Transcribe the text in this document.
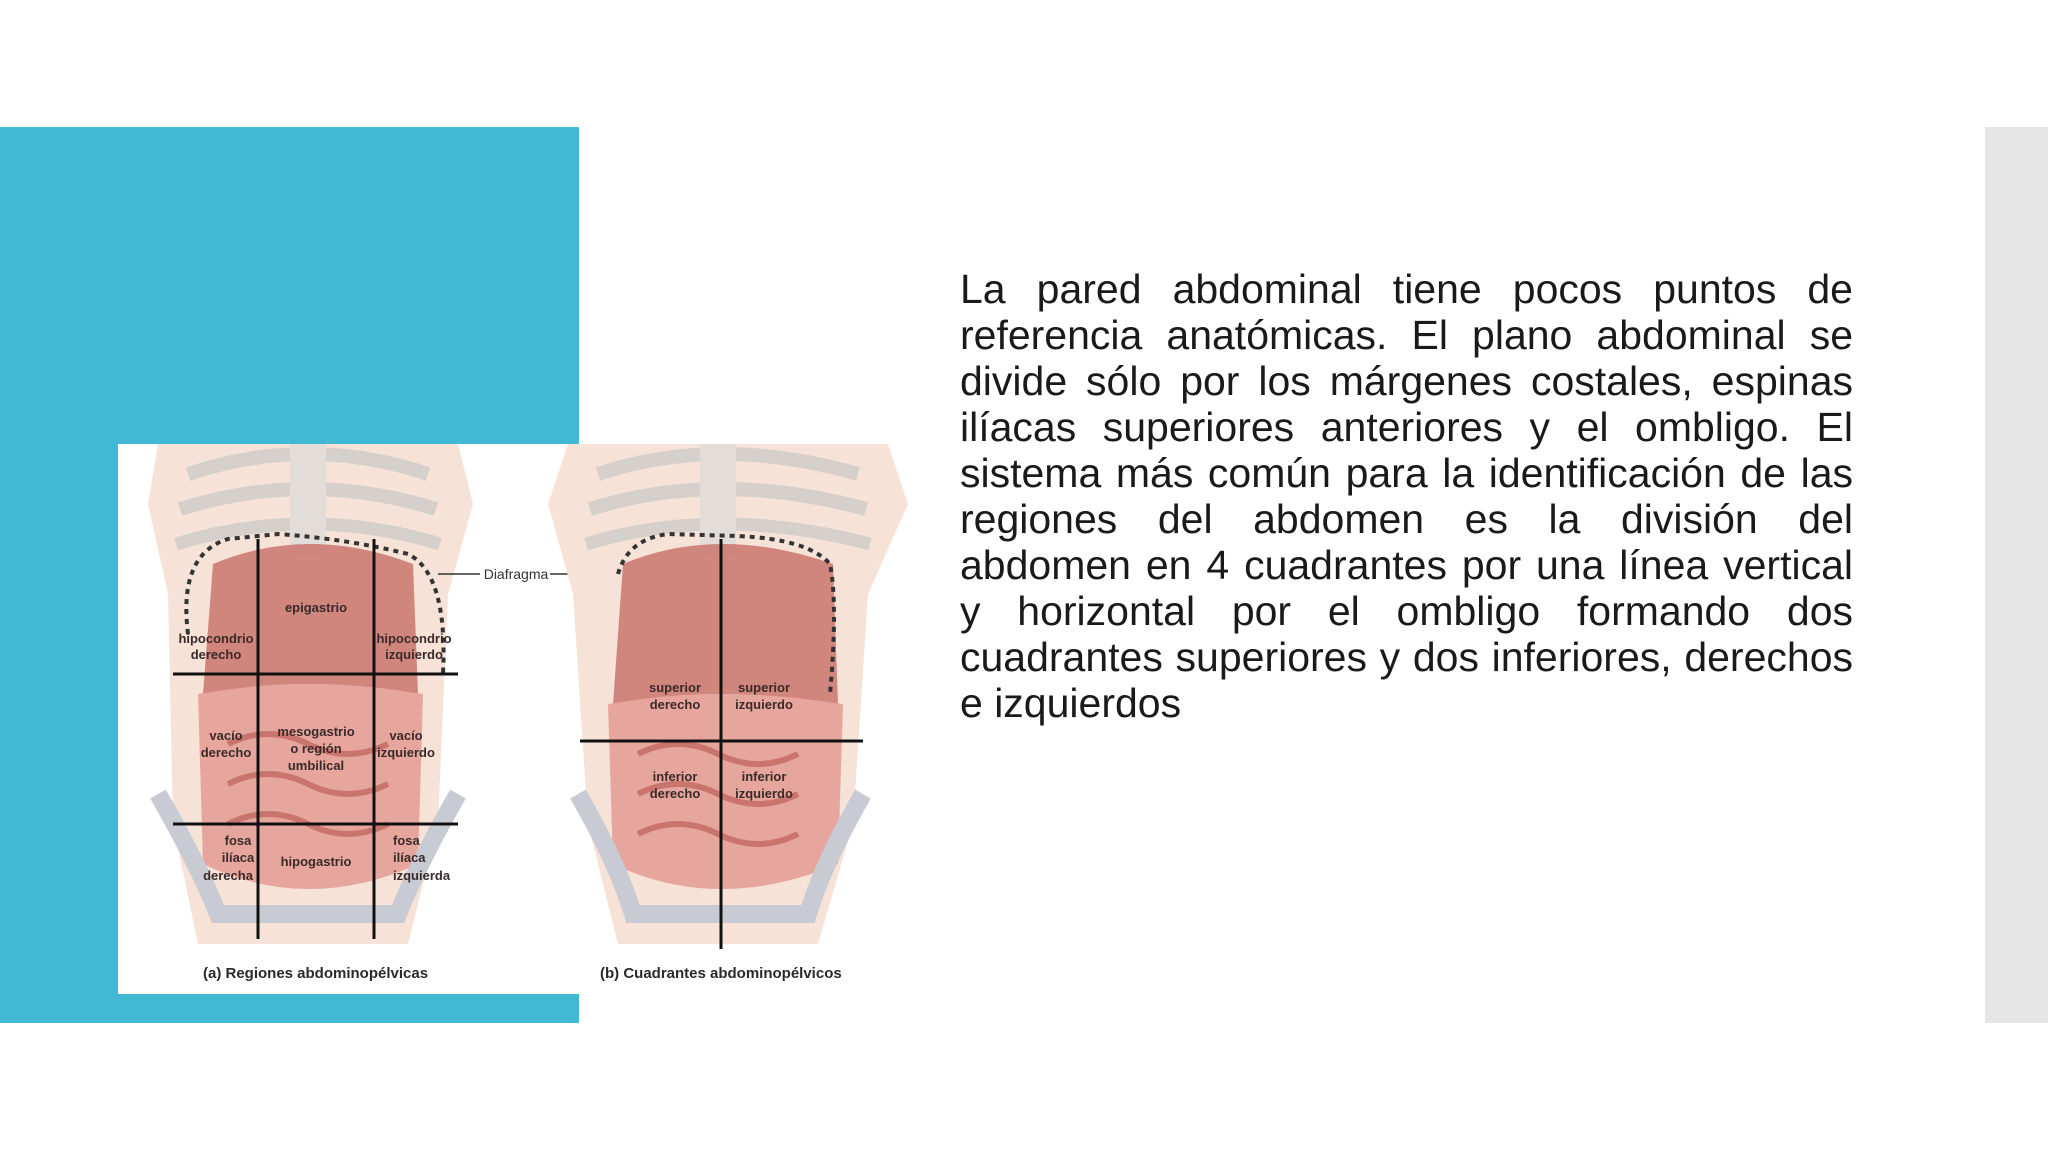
epigastrio
hipocondrio
derecho
hipocondrio
izquierdo
vacío
derecho
mesogastrio
o región
umbilical
vacío
izquierdo
fosa
ilíaca
derecha
hipogastrio
fosa
ilíaca
izquierda
Diafragma
superior
derecho
superior
izquierdo
inferior
derecho
inferior
izquierdo
(a) Regiones abdominopélvicas	(b) Cuadrantes abdominopélvicos

La pared abdominal tiene pocos puntos de referencia anatómicas. El plano abdominal se divide sólo por los márgenes costales, espinas ilíacas superiores anteriores y el ombligo. El sistema más común para la identificación de las regiones del abdomen es la división del abdomen en 4 cuadrantes por una línea vertical y horizontal por el ombligo formando dos cuadrantes superiores y dos inferiores, derechos e izquierdos
